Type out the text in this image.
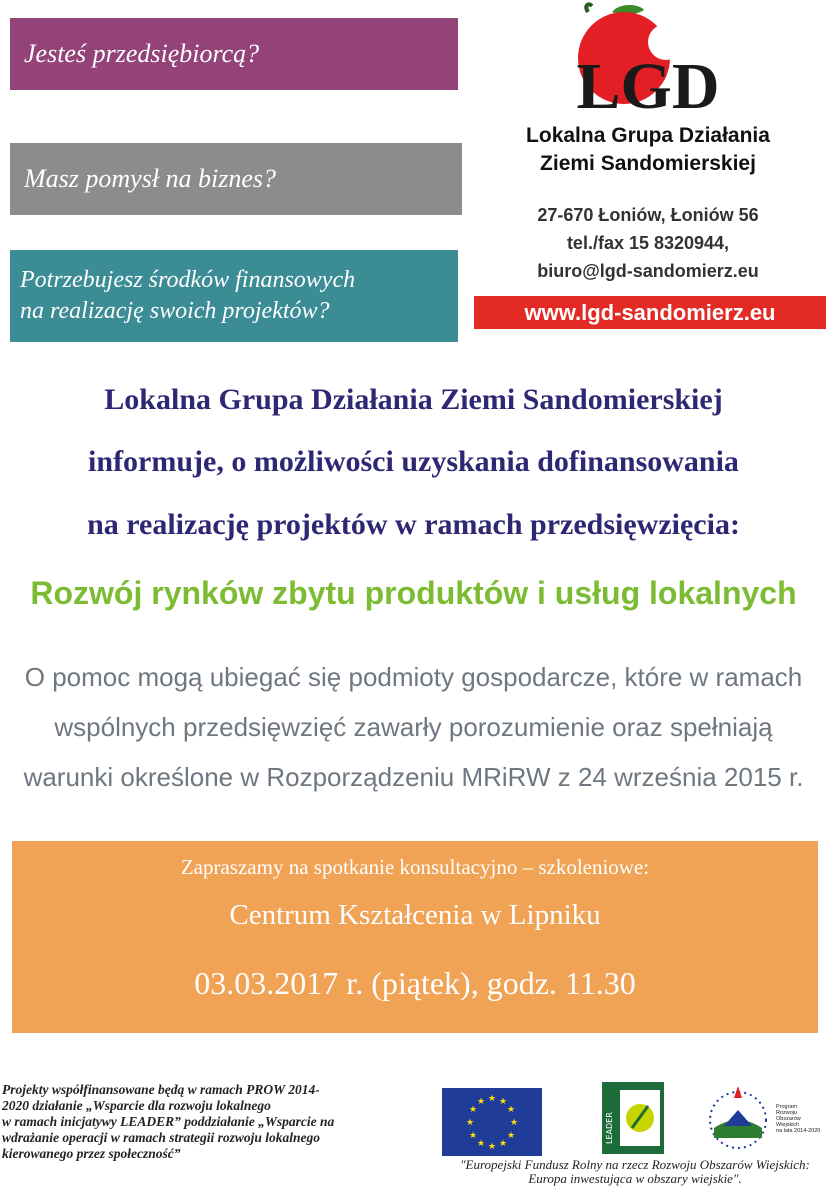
Jesteś przedsiębiorcą?
Masz pomysł na biznes?
Potrzebujesz środków finansowych
na realizację swoich projektów?
LGD
Lokalna Grupa Działania
Ziemi Sandomierskiej
27-670 Łoniów, Łoniów 56
tel./fax 15 8320944,
biuro@lgd-sandomierz.eu
www.lgd-sandomierz.eu
Lokalna Grupa Działania Ziemi Sandomierskiej
informuje, o możliwości uzyskania dofinansowania
na realizację projektów w ramach przedsięwzięcia:
Rozwój rynków zbytu produktów i usług lokalnych
O pomoc mogą ubiegać się podmioty gospodarcze, które w ramach
wspólnych przedsięwzięć zawarły porozumienie oraz spełniają
warunki określone w Rozporządzeniu MRiRW z 24 września 2015 r.
Zapraszamy na spotkanie konsultacyjno – szkoleniowe:
Centrum Kształcenia w Lipniku
03.03.2017 r. (piątek), godz. 11.30
Projekty współfinansowane będą w ramach PROW 2014-
2020 działanie „Wsparcie dla rozwoju lokalnego
w ramach inicjatywy LEADER” poddziałanie „Wsparcie na
wdrażanie operacji w ramach strategii rozwoju lokalnego
kierowanego przez społeczność”
★ ★
★
★
★
★
★
★
★
★
★
★
LEADER
Program
Rozwoju
Obszarów
Wiejskich
na lata 2014-2020
"Europejski Fundusz Rolny na rzecz Rozwoju Obszarów Wiejskich:
Europa inwestująca w obszary wiejskie".
